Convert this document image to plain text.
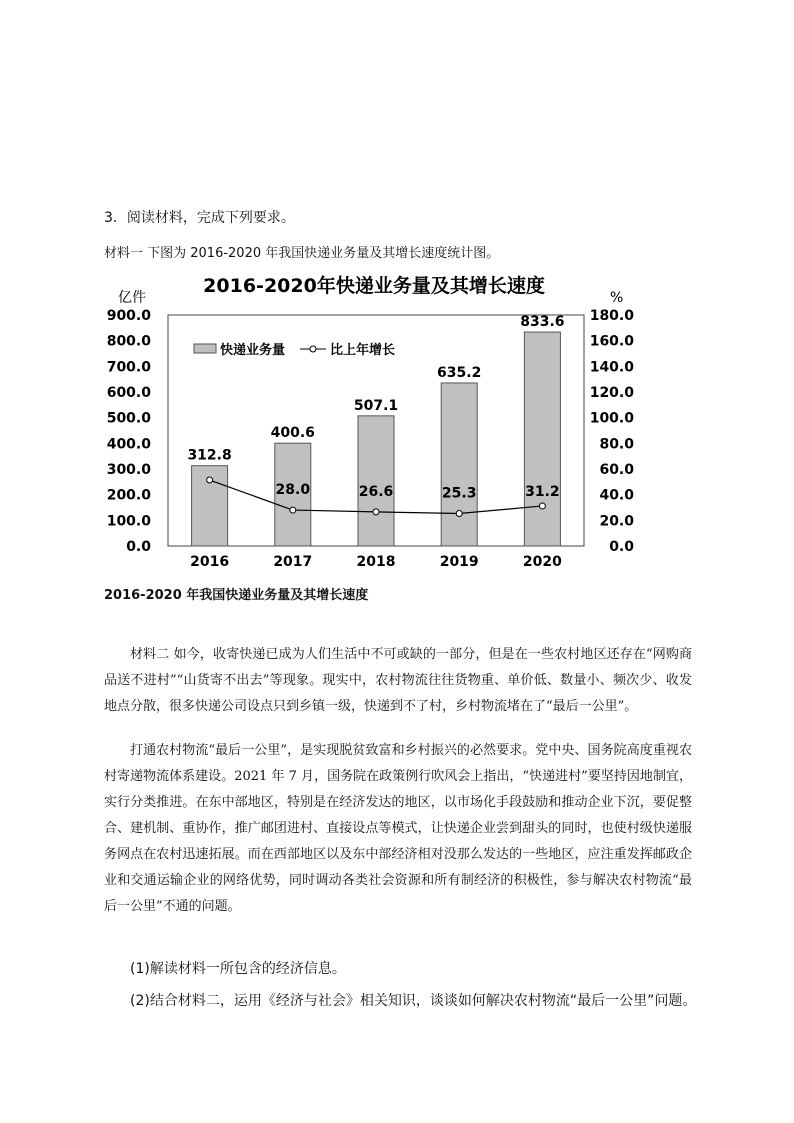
3．阅读材料，完成下列要求。
材料一 下图为 2016-2020 年我国快递业务量及其增长速度统计图。
2016-2020年快递业务量及其增长速度
亿件	%
0.0
100.0
200.0
300.0
400.0
500.0
600.0
700.0
800.0
900.0
0.0
20.0
40.0
60.0
80.0
100.0
120.0
140.0
160.0
180.0
312.8
400.6
507.1
635.2
833.6
2016	2017	2018	2019	2020
28.0	26.6	25.3	31.2
快递业务量	比上年增长
2016-2020 年我国快递业务量及其增长速度
材料二 如今，收寄快递已成为人们生活中不可或缺的一部分，但是在一些农村地区还存在“网购商品送不进村”“山货寄不出去”等现象。现实中，农村物流往往货物重、单价低、数量小、频次少、收发地点分散，很多快递公司设点只到乡镇一级，快递到不了村，乡村物流堵在了“最后一公里”。
打通农村物流“最后一公里”，是实现脱贫致富和乡村振兴的必然要求。党中央、国务院高度重视农村寄递物流体系建设。2021 年 7 月，国务院在政策例行吹风会上指出，“快递进村”要坚持因地制宜，实行分类推进。在东中部地区，特别是在经济发达的地区，以市场化手段鼓励和推动企业下沉，要促整合、建机制、重协作，推广邮团进村、直接设点等模式，让快递企业尝到甜头的同时，也使村级快递服务网点在农村迅速拓展。而在西部地区以及东中部经济相对没那么发达的一些地区，应注重发挥邮政企业和交通运输企业的网络优势，同时调动各类社会资源和所有制经济的积极性，参与解决农村物流“最后一公里”不通的问题。
(1)解读材料一所包含的经济信息。
(2)结合材料二，运用《经济与社会》相关知识，谈谈如何解决农村物流“最后一公里”问题。
